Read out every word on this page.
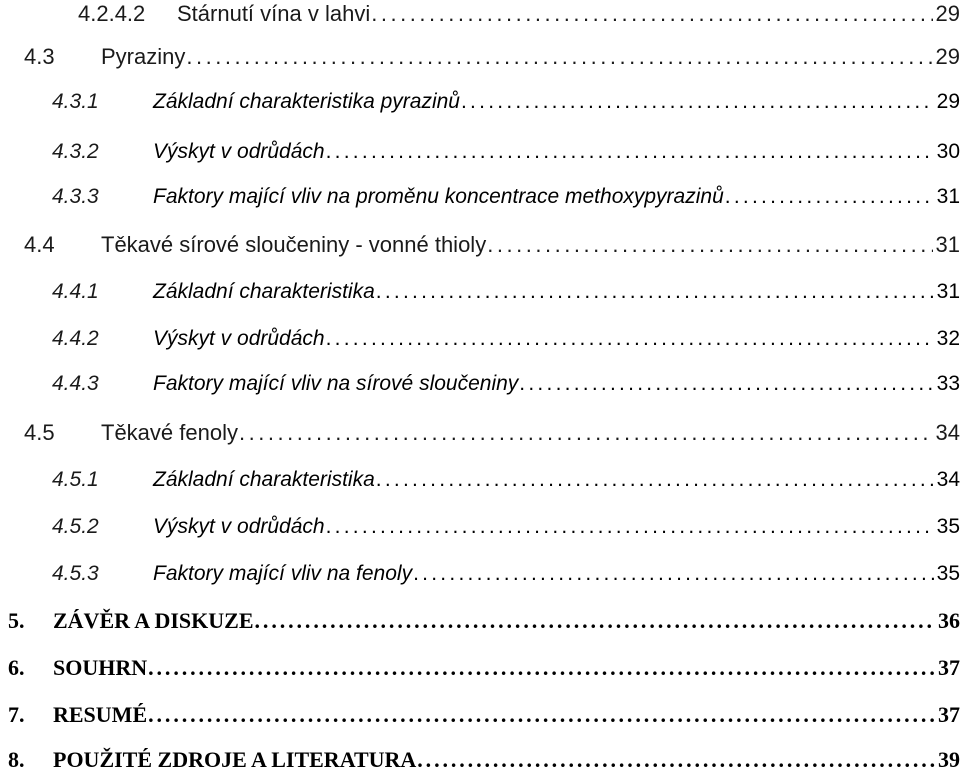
4.2.4.2 Stárnutí vína v lahvi . . .	29
4.3 Pyraziny . . .	29
4.3.1	Základní charakteristika pyrazinů . . .	29
4.3.2	Výskyt v odrůdách . . .	30
4.3.3	Faktory mající vliv na proměnu koncentrace methoxypyrazinů . . .	31
4.4 Těkavé sírové sloučeniny - vonné thioly . . .	31
4.4.1	Základní charakteristika . . .	31
4.4.2	Výskyt v odrůdách . . .	32
4.4.3	Faktory mající vliv na sírové sloučeniny . . .	33
4.5 Těkavé fenoly . . .	34
4.5.1	Základní charakteristika . . .	34
4.5.2	Výskyt v odrůdách . . .	35
4.5.3	Faktory mající vliv na fenoly . . .	35
5. ZÁVĚR A DISKUZE . . .	36
6. SOUHRN . . .	37
7. RESUMÉ . . .	37
8. POUŽITÉ ZDROJE A LITERATURA . . .	39
